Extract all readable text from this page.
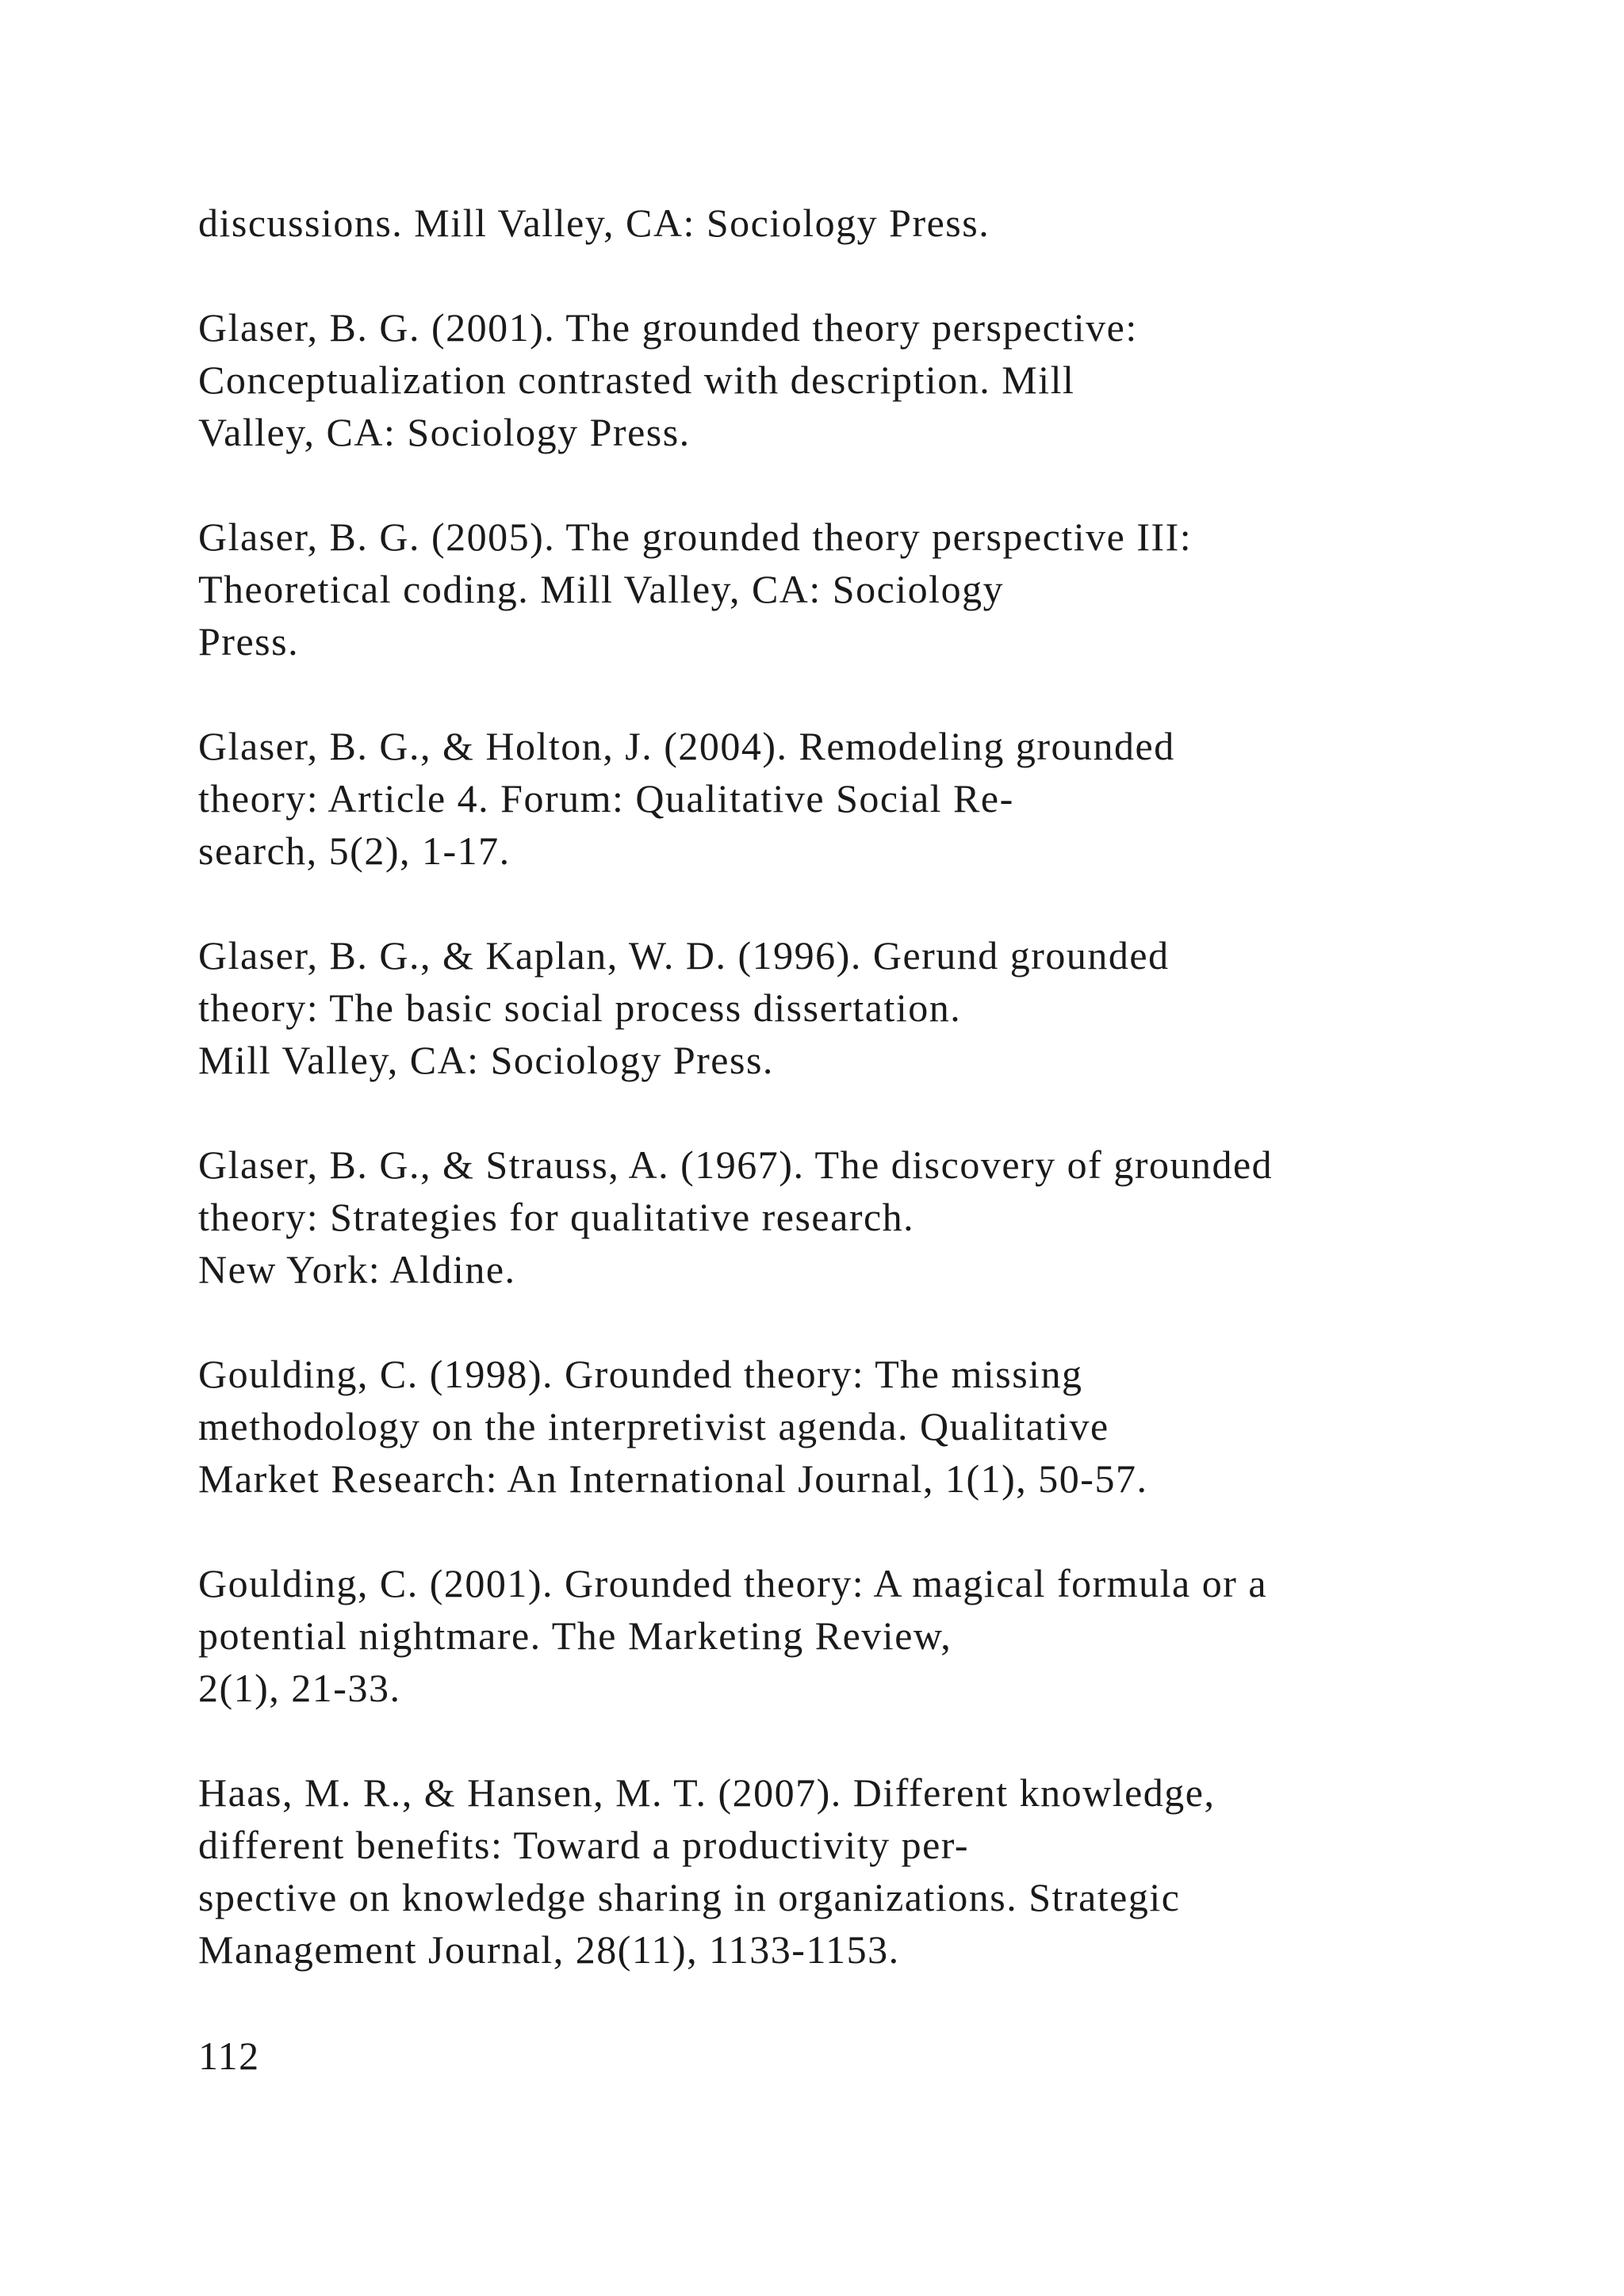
discussions. Mill Valley, CA: Sociology Press.
Glaser, B. G. (2001). The grounded theory perspective:
Conceptualization contrasted with description. Mill
Valley, CA: Sociology Press.
Glaser, B. G. (2005). The grounded theory perspective III:
Theoretical coding. Mill Valley, CA: Sociology
Press.
Glaser, B. G., & Holton, J. (2004). Remodeling grounded
theory: Article 4. Forum: Qualitative Social Re-
search, 5(2), 1-17.
Glaser, B. G., & Kaplan, W. D. (1996). Gerund grounded
theory: The basic social process dissertation.
Mill Valley, CA: Sociology Press.
Glaser, B. G., & Strauss, A. (1967). The discovery of grounded
theory: Strategies for qualitative research.
New York: Aldine.
Goulding, C. (1998). Grounded theory: The missing
methodology on the interpretivist agenda. Qualitative
Market Research: An International Journal, 1(1), 50-57.
Goulding, C. (2001). Grounded theory: A magical formula or a
potential nightmare. The Marketing Review,
2(1), 21-33.
Haas, M. R., & Hansen, M. T. (2007). Different knowledge,
different benefits: Toward a productivity per-
spective on knowledge sharing in organizations. Strategic
Management Journal, 28(11), 1133-1153.
112
